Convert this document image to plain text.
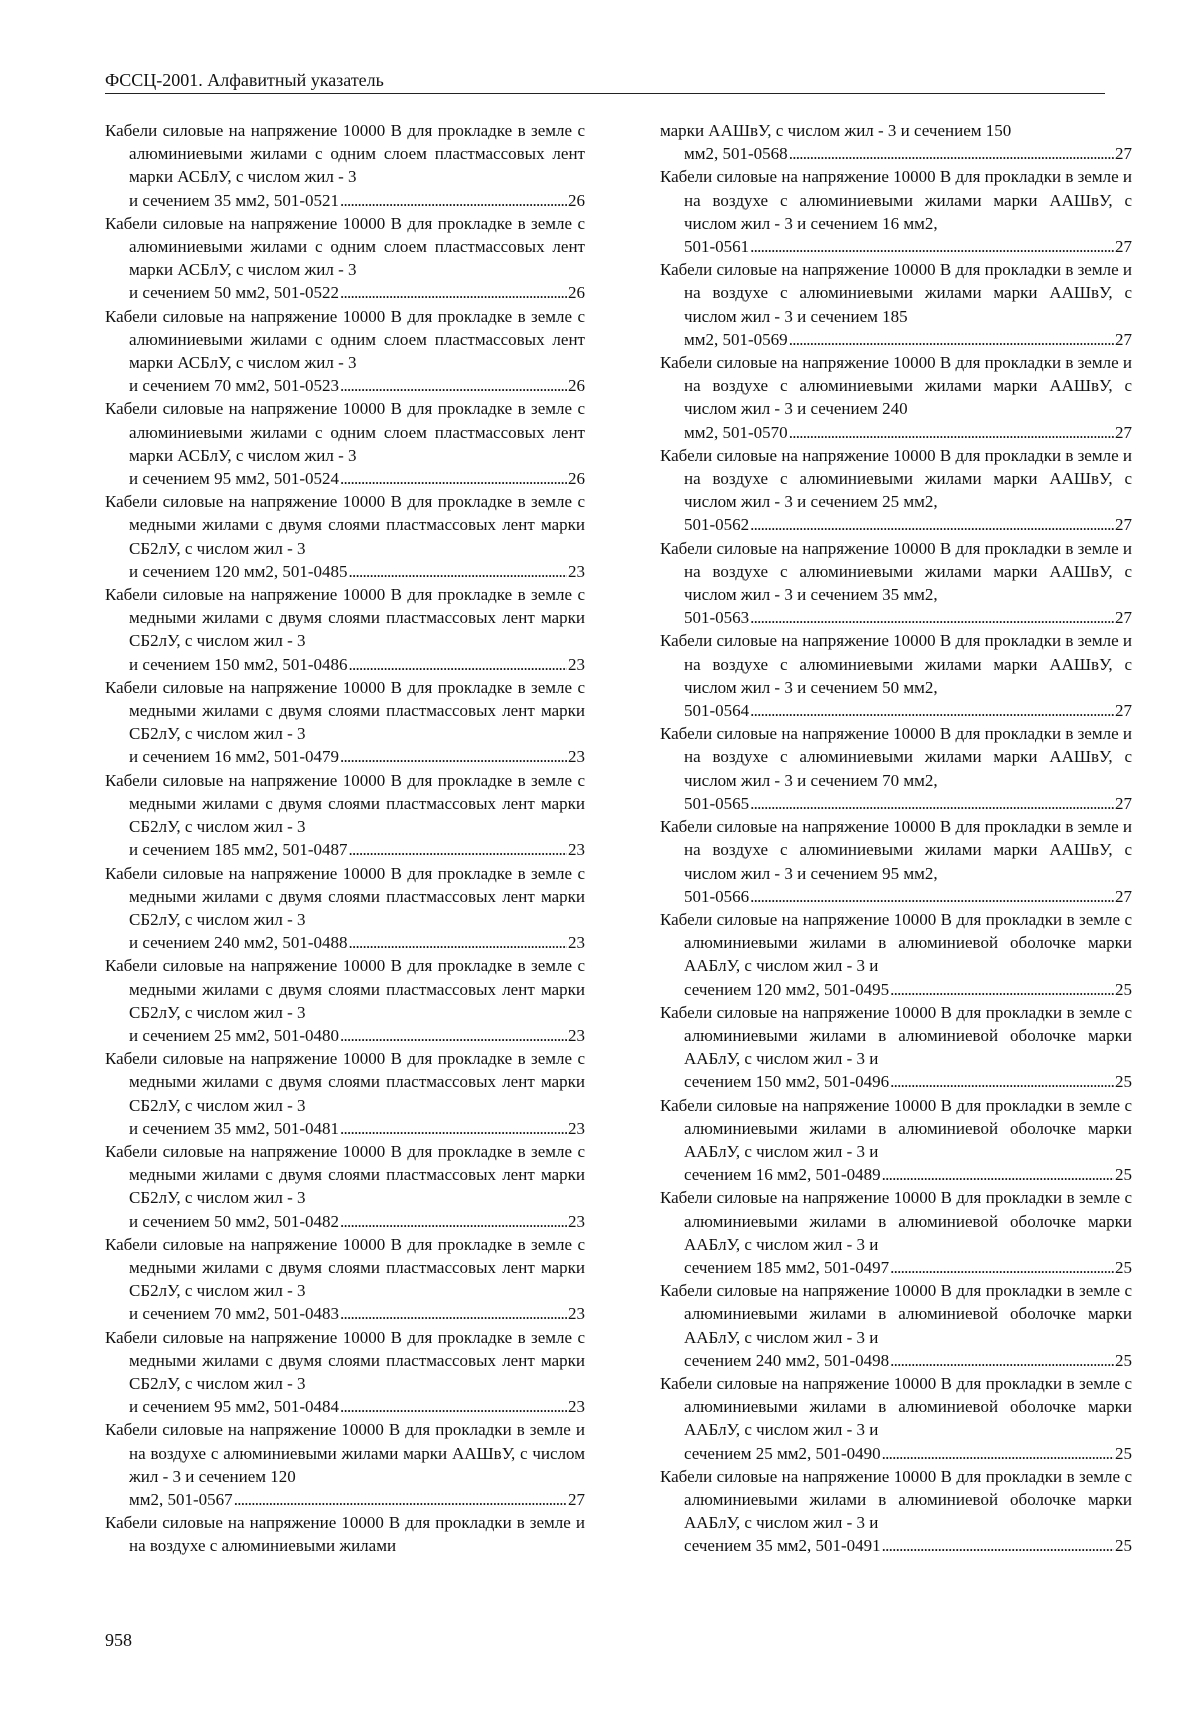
ФССЦ-2001. Алфавитный указатель
Кабели силовые на напряжение 10000 В для прокладке в земле с алюминиевыми жилами с одним слоем пластмассовых лент марки АСБлУ, с числом жил - 3
и сечением 35 мм2, 501-0521 . . .	26
Кабели силовые на напряжение 10000 В для прокладке в земле с алюминиевыми жилами с одним слоем пластмассовых лент марки АСБлУ, с числом жил - 3
и сечением 50 мм2, 501-0522 . . .	26
Кабели силовые на напряжение 10000 В для прокладке в земле с алюминиевыми жилами с одним слоем пластмассовых лент марки АСБлУ, с числом жил - 3
и сечением 70 мм2, 501-0523 . . .	26
Кабели силовые на напряжение 10000 В для прокладке в земле с алюминиевыми жилами с одним слоем пластмассовых лент марки АСБлУ, с числом жил - 3
и сечением 95 мм2, 501-0524 . . .	26
Кабели силовые на напряжение 10000 В для прокладке в земле с медными жилами с двумя слоями пластмассовых лент марки СБ2лУ, с числом жил - 3
и сечением 120 мм2, 501-0485 . . .	23
Кабели силовые на напряжение 10000 В для прокладке в земле с медными жилами с двумя слоями пластмассовых лент марки СБ2лУ, с числом жил - 3
и сечением 150 мм2, 501-0486 . . .	23
Кабели силовые на напряжение 10000 В для прокладке в земле с медными жилами с двумя слоями пластмассовых лент марки СБ2лУ, с числом жил - 3
и сечением 16 мм2, 501-0479 . . .	23
Кабели силовые на напряжение 10000 В для прокладке в земле с медными жилами с двумя слоями пластмассовых лент марки СБ2лУ, с числом жил - 3
и сечением 185 мм2, 501-0487 . . .	23
Кабели силовые на напряжение 10000 В для прокладке в земле с медными жилами с двумя слоями пластмассовых лент марки СБ2лУ, с числом жил - 3
и сечением 240 мм2, 501-0488 . . .	23
Кабели силовые на напряжение 10000 В для прокладке в земле с медными жилами с двумя слоями пластмассовых лент марки СБ2лУ, с числом жил - 3
и сечением 25 мм2, 501-0480 . . .	23
Кабели силовые на напряжение 10000 В для прокладке в земле с медными жилами с двумя слоями пластмассовых лент марки СБ2лУ, с числом жил - 3
и сечением 35 мм2, 501-0481 . . .	23
Кабели силовые на напряжение 10000 В для прокладке в земле с медными жилами с двумя слоями пластмассовых лент марки СБ2лУ, с числом жил - 3
и сечением 50 мм2, 501-0482 . . .	23
Кабели силовые на напряжение 10000 В для прокладке в земле с медными жилами с двумя слоями пластмассовых лент марки СБ2лУ, с числом жил - 3
и сечением 70 мм2, 501-0483 . . .	23
Кабели силовые на напряжение 10000 В для прокладке в земле с медными жилами с двумя слоями пластмассовых лент марки СБ2лУ, с числом жил - 3
и сечением 95 мм2, 501-0484 . . .	23
Кабели силовые на напряжение 10000 В для прокладки в земле и на воздухе с алюминиевыми жилами марки ААШвУ, с числом жил - 3 и сечением 120
мм2, 501-0567 . . .	27
Кабели силовые на напряжение 10000 В для прокладки в земле и на воздухе с алюминиевыми жилами
марки ААШвУ, с числом жил - 3 и сечением 150
мм2, 501-0568 . . .	27
Кабели силовые на напряжение 10000 В для прокладки в земле и на воздухе с алюминиевыми жилами марки ААШвУ, с числом жил - 3 и сечением 16 мм2,
501-0561 . . .	27
Кабели силовые на напряжение 10000 В для прокладки в земле и на воздухе с алюминиевыми жилами марки ААШвУ, с числом жил - 3 и сечением 185
мм2, 501-0569 . . .	27
Кабели силовые на напряжение 10000 В для прокладки в земле и на воздухе с алюминиевыми жилами марки ААШвУ, с числом жил - 3 и сечением 240
мм2, 501-0570 . . .	27
Кабели силовые на напряжение 10000 В для прокладки в земле и на воздухе с алюминиевыми жилами марки ААШвУ, с числом жил - 3 и сечением 25 мм2,
501-0562 . . .	27
Кабели силовые на напряжение 10000 В для прокладки в земле и на воздухе с алюминиевыми жилами марки ААШвУ, с числом жил - 3 и сечением 35 мм2,
501-0563 . . .	27
Кабели силовые на напряжение 10000 В для прокладки в земле и на воздухе с алюминиевыми жилами марки ААШвУ, с числом жил - 3 и сечением 50 мм2,
501-0564 . . .	27
Кабели силовые на напряжение 10000 В для прокладки в земле и на воздухе с алюминиевыми жилами марки ААШвУ, с числом жил - 3 и сечением 70 мм2,
501-0565 . . .	27
Кабели силовые на напряжение 10000 В для прокладки в земле и на воздухе с алюминиевыми жилами марки ААШвУ, с числом жил - 3 и сечением 95 мм2,
501-0566 . . .	27
Кабели силовые на напряжение 10000 В для прокладки в земле с алюминиевыми жилами в алюминиевой оболочке марки ААБлУ, с числом жил - 3 и
сечением 120 мм2, 501-0495 . . .	25
Кабели силовые на напряжение 10000 В для прокладки в земле с алюминиевыми жилами в алюминиевой оболочке марки ААБлУ, с числом жил - 3 и
сечением 150 мм2, 501-0496 . . .	25
Кабели силовые на напряжение 10000 В для прокладки в земле с алюминиевыми жилами в алюминиевой оболочке марки ААБлУ, с числом жил - 3 и
сечением 16 мм2, 501-0489 . . .	25
Кабели силовые на напряжение 10000 В для прокладки в земле с алюминиевыми жилами в алюминиевой оболочке марки ААБлУ, с числом жил - 3 и
сечением 185 мм2, 501-0497 . . .	25
Кабели силовые на напряжение 10000 В для прокладки в земле с алюминиевыми жилами в алюминиевой оболочке марки ААБлУ, с числом жил - 3 и
сечением 240 мм2, 501-0498 . . .	25
Кабели силовые на напряжение 10000 В для прокладки в земле с алюминиевыми жилами в алюминиевой оболочке марки ААБлУ, с числом жил - 3 и
сечением 25 мм2, 501-0490 . . .	25
Кабели силовые на напряжение 10000 В для прокладки в земле с алюминиевыми жилами в алюминиевой оболочке марки ААБлУ, с числом жил - 3 и
сечением 35 мм2, 501-0491 . . .	25
958
